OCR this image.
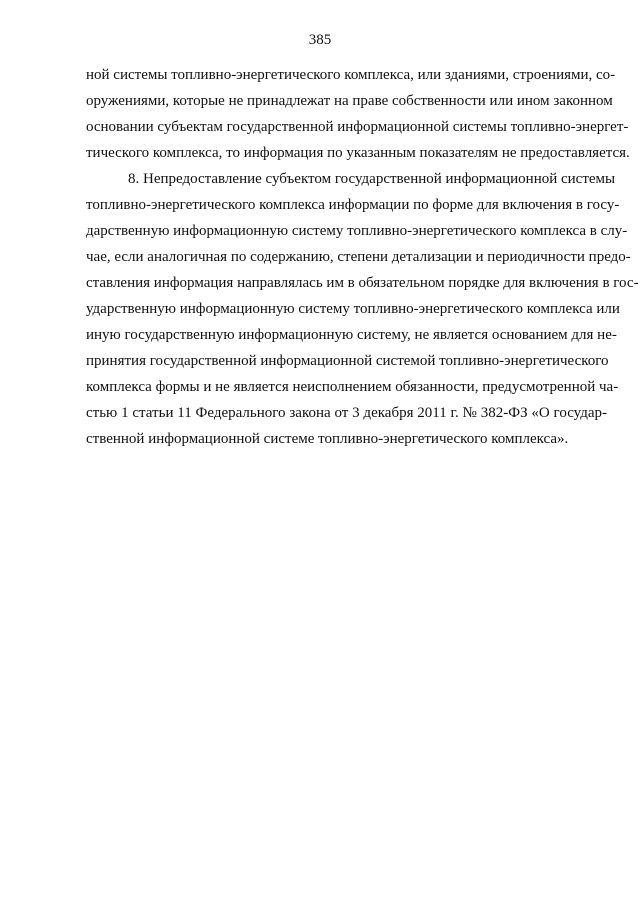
385
ной системы топливно-энергетического комплекса, или зданиями, строениями, со-
оружениями, которые не принадлежат на праве собственности или ином законном
основании субъектам государственной информационной системы топливно-энергет-
тического комплекса, то информация по указанным показателям не предоставляется.
8. Непредоставление субъектом государственной информационной системы
топливно-энергетического комплекса информации по форме для включения в госу-
дарственную информационную систему топливно-энергетического комплекса в слу-
чае, если аналогичная по содержанию, степени детализации и периодичности предо-
ставления информация направлялась им в обязательном порядке для включения в гос-
ударственную информационную систему топливно-энергетического комплекса или
иную государственную информационную систему, не является основанием для не-
принятия государственной информационной системой топливно-энергетического
комплекса формы и не является неисполнением обязанности, предусмотренной ча-
стью 1 статьи 11 Федерального закона от 3 декабря 2011 г. № 382-ФЗ «О государ-
ственной информационной системе топливно-энергетического комплекса».
